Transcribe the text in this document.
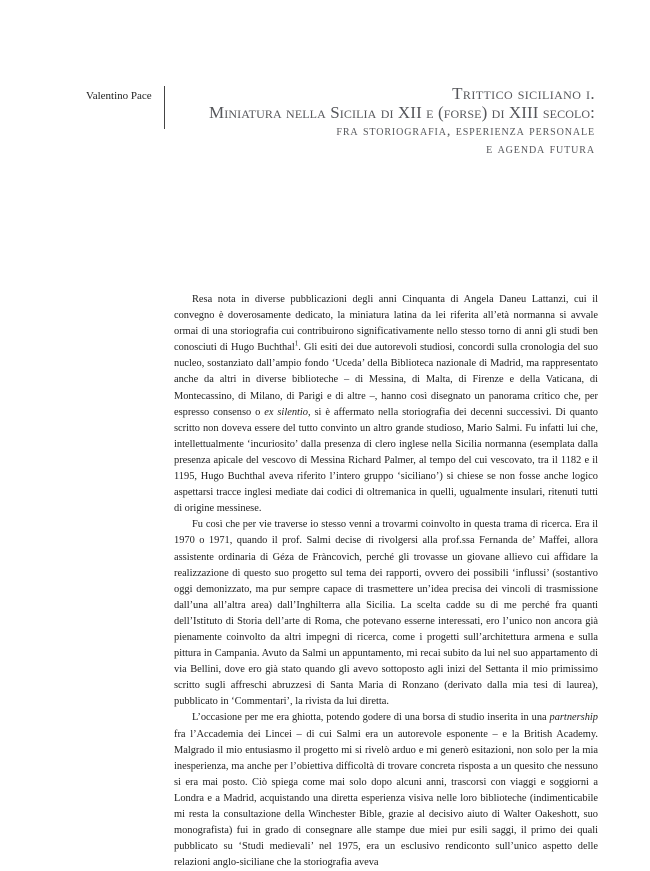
Valentino Pace	Trittico siciliano i.
Miniatura nella Sicilia di XII e (forse) di XIII secolo:
fra storiografia, esperienza personale
e agenda futura

Resa nota in diverse pubblicazioni degli anni Cinquanta di Angela Daneu Lattanzi, cui il convegno è doverosamente dedicato, la miniatura latina da lei riferita all’età normanna si avvale ormai di una storiografia cui contribuirono significativamente nello stesso torno di anni gli studi ben conosciuti di Hugo Buchthal$^1$. Gli esiti dei due autorevoli studiosi, concordi sulla cronologia del suo nucleo, sostanziato dall’ampio fondo ‘Uceda’ della Biblioteca nazionale di Madrid, ma rappresentato anche da altri in diverse biblioteche – di Messina, di Malta, di Firenze e della Vaticana, di Montecassino, di Milano, di Parigi e di altre –, hanno così disegnato un panorama critico che, per espresso consenso o ex silentio, si è affermato nella storiografia dei decenni successivi. Di quanto scritto non doveva essere del tutto convinto un altro grande studioso, Mario Salmi. Fu infatti lui che, intellettualmente ‘incuriosito’ dalla presenza di clero inglese nella Sicilia normanna (esemplata dalla presenza apicale del vescovo di Messina Richard Palmer, al tempo del cui vescovato, tra il 1182 e il 1195, Hugo Buchthal aveva riferito l’intero gruppo ‘siciliano’) si chiese se non fosse anche logico aspettarsi tracce inglesi mediate dai codici di oltremanica in quelli, ugualmente insulari, ritenuti tutti di origine messinese.

Fu così che per vie traverse io stesso venni a trovarmi coinvolto in questa trama di ricerca. Era il 1970 o 1971, quando il prof. Salmi decise di rivolgersi alla prof.ssa Fernanda de’ Maffei, allora assistente ordinaria di Géza de Fràncovich, perché gli trovasse un giovane allievo cui affidare la realizzazione di questo suo progetto sul tema dei rapporti, ovvero dei possibili ‘influssi’ (sostantivo oggi demonizzato, ma pur sempre capace di trasmettere un’idea precisa dei vincoli di trasmissione dall’una all’altra area) dall’Inghilterra alla Sicilia. La scelta cadde su di me perché fra quanti dell’Istituto di Storia dell’arte di Roma, che potevano esserne interessati, ero l’unico non ancora già pienamente coinvolto da altri impegni di ricerca, come i progetti sull’architettura armena e sulla pittura in Campania. Avuto da Salmi un appuntamento, mi recai subito da lui nel suo appartamento di via Bellini, dove ero già stato quando gli avevo sottoposto agli inizi del Settanta il mio primissimo scritto sugli affreschi abruzzesi di Santa Maria di Ronzano (derivato dalla mia tesi di laurea), pubblicato in ‘Commentari’, la rivista da lui diretta.

L’occasione per me era ghiotta, potendo godere di una borsa di studio inserita in una partnership fra l’Accademia dei Lincei – di cui Salmi era un autorevole esponente – e la British Academy. Malgrado il mio entusiasmo il progetto mi si rivelò arduo e mi generò esitazioni, non solo per la mia inesperienza, ma anche per l’obiettiva difficoltà di trovare concreta risposta a un quesito che nessuno si era mai posto. Ciò spiega come mai solo dopo alcuni anni, trascorsi con viaggi e soggiorni a Londra e a Madrid, acquistando una diretta esperienza visiva nelle loro biblioteche (indimenticabile mi resta la consultazione della Winchester Bible, grazie al decisivo aiuto di Walter Oakeshott, suo monografista) fui in grado di consegnare alle stampe due miei pur esili saggi, il primo dei quali pubblicato su ‘Studi medievali’ nel 1975, era un esclusivo rendiconto sull’unico aspetto delle relazioni anglo-siciliane che la storiografia aveva
